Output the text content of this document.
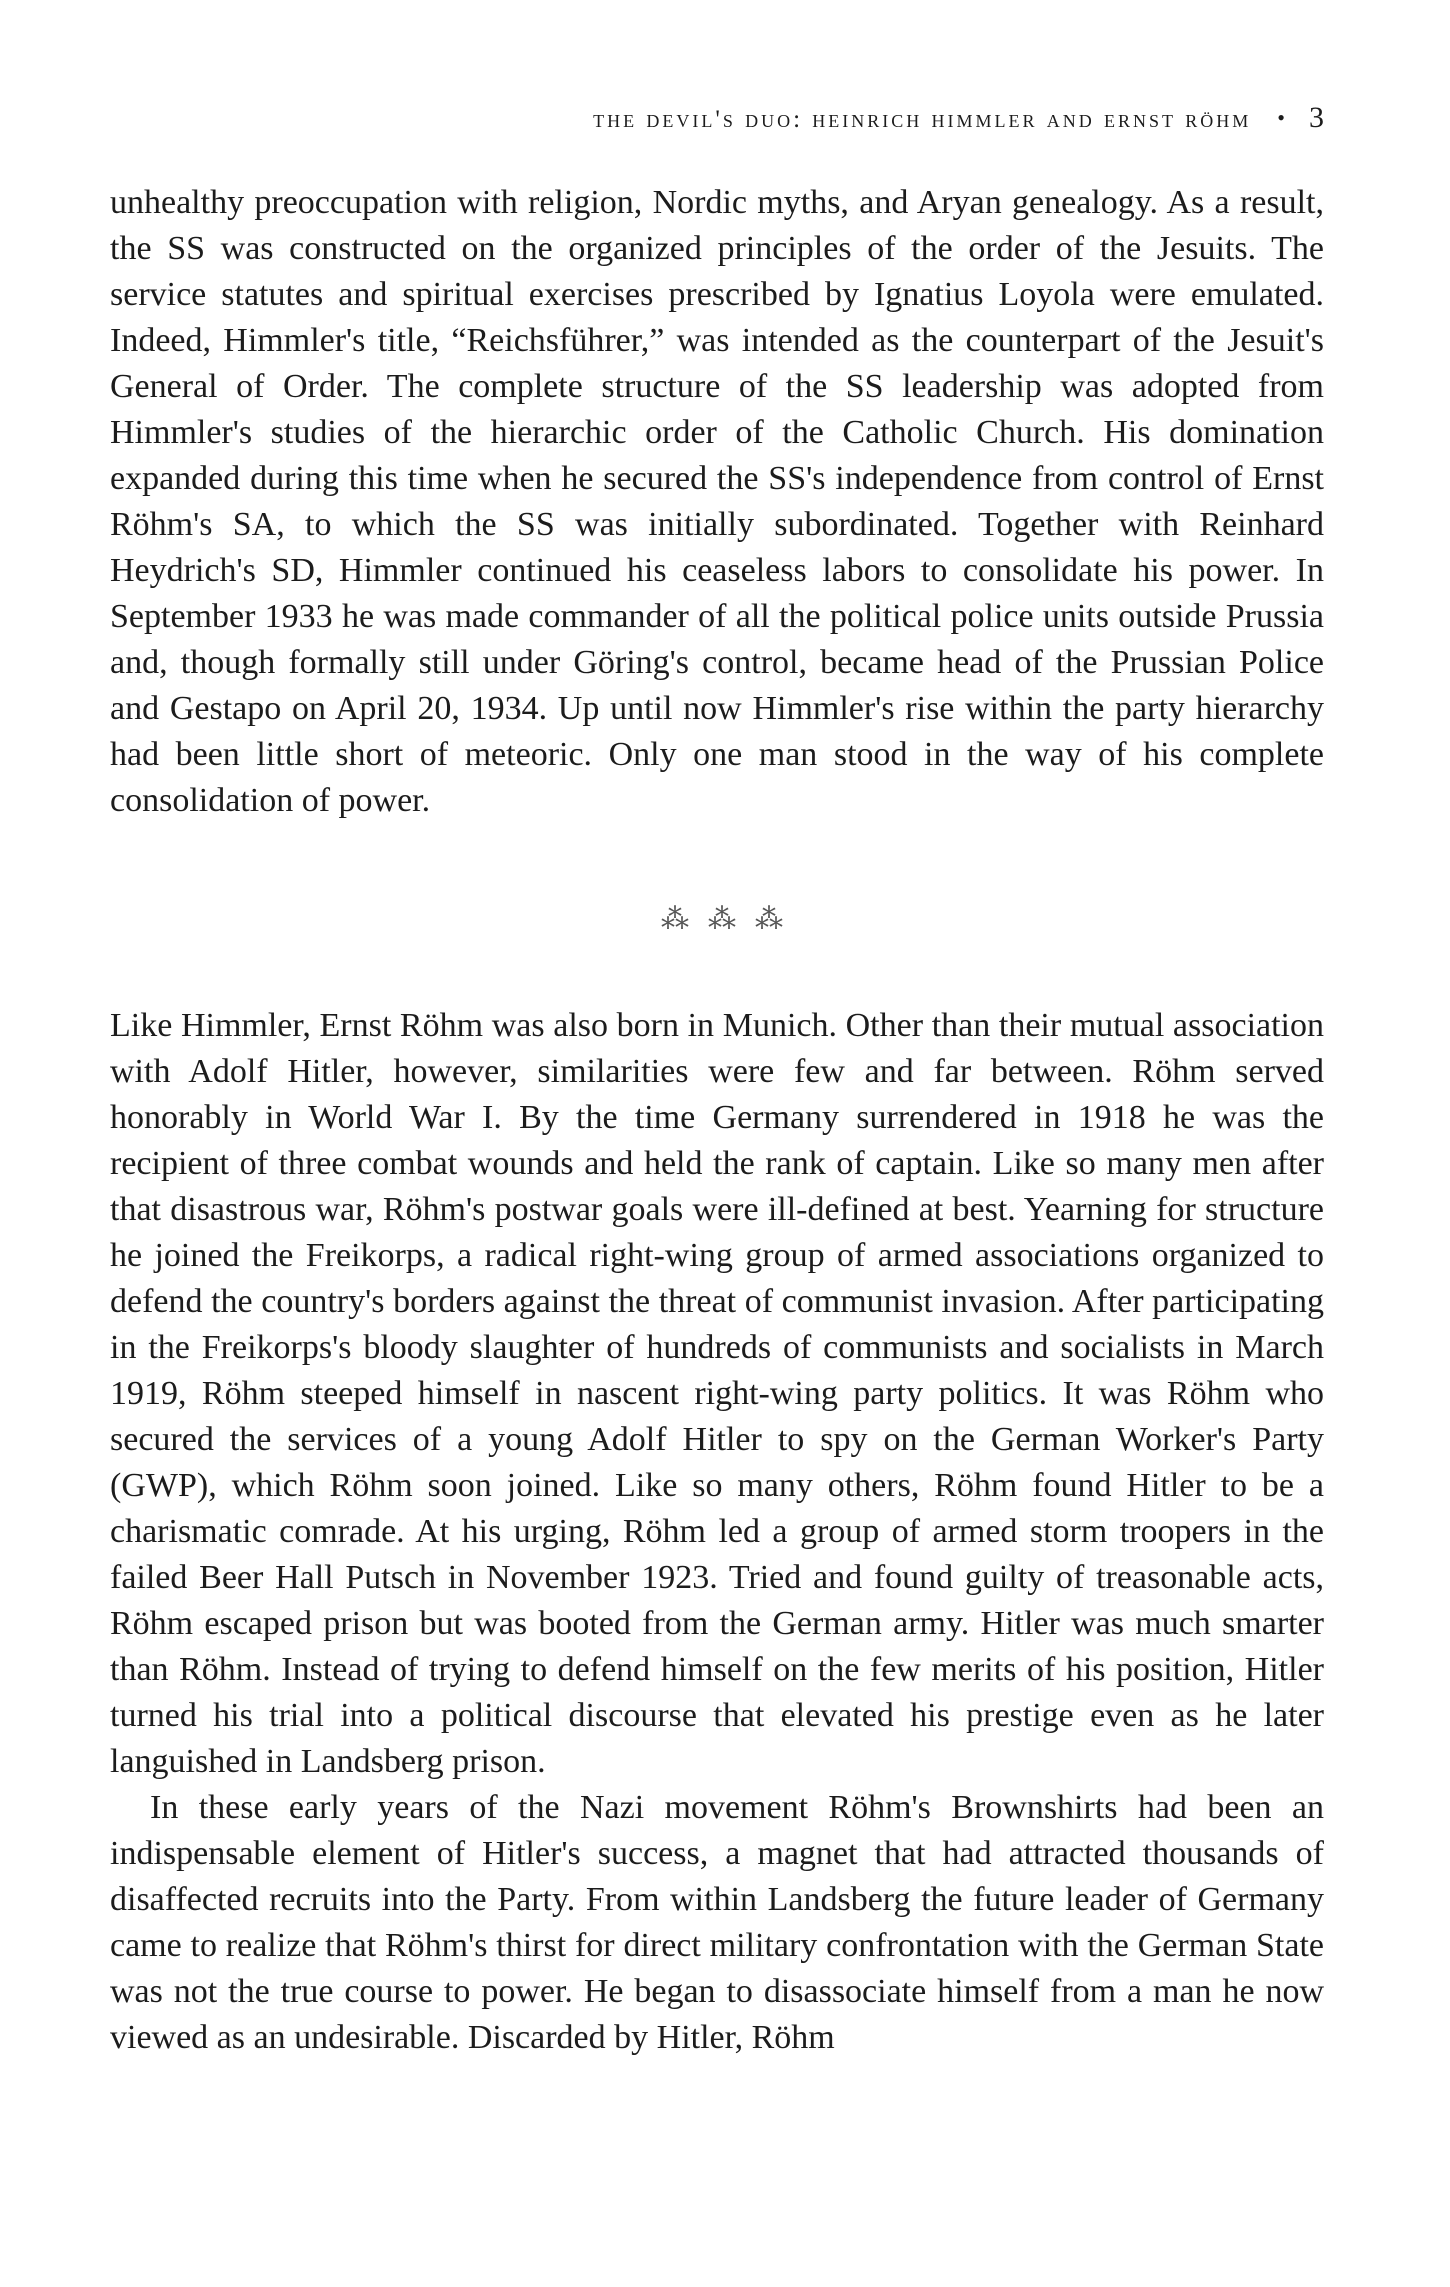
the devil's duo: heinrich himmler and ernst röhm • 3

unhealthy preoccupation with religion, Nordic myths, and Aryan genealogy. As a result, the SS was constructed on the organized principles of the order of the Jesuits. The service statutes and spiritual exercises prescribed by Ignatius Loyola were emulated. Indeed, Himmler's title, “Reichsführer,” was intended as the counterpart of the Jesuit's General of Order. The complete structure of the SS leadership was adopted from Himmler's studies of the hierarchic order of the Catholic Church. His domination expanded during this time when he secured the SS's independence from control of Ernst Röhm's SA, to which the SS was initially subordinated. Together with Reinhard Heydrich's SD, Himmler continued his ceaseless labors to consolidate his power. In September 1933 he was made commander of all the political police units outside Prussia and, though formally still under Göring's control, became head of the Prussian Police and Gestapo on April 20, 1934. Up until now Himmler's rise within the party hierarchy had been little short of meteoric. Only one man stood in the way of his complete consolidation of power.

⁂ ⁂ ⁂

Like Himmler, Ernst Röhm was also born in Munich. Other than their mutual association with Adolf Hitler, however, similarities were few and far between. Röhm served honorably in World War I. By the time Germany surrendered in 1918 he was the recipient of three combat wounds and held the rank of captain. Like so many men after that disastrous war, Röhm's postwar goals were ill-defined at best. Yearning for structure he joined the Freikorps, a radical right-wing group of armed associations organized to defend the country's borders against the threat of communist invasion. After participating in the Freikorps's bloody slaughter of hundreds of communists and socialists in March 1919, Röhm steeped himself in nascent right-wing party politics. It was Röhm who secured the services of a young Adolf Hitler to spy on the German Worker's Party (GWP), which Röhm soon joined. Like so many others, Röhm found Hitler to be a charismatic comrade. At his urging, Röhm led a group of armed storm troopers in the failed Beer Hall Putsch in November 1923. Tried and found guilty of treasonable acts, Röhm escaped prison but was booted from the German army. Hitler was much smarter than Röhm. Instead of trying to defend himself on the few merits of his position, Hitler turned his trial into a political discourse that elevated his prestige even as he later languished in Landsberg prison.

In these early years of the Nazi movement Röhm's Brownshirts had been an indispensable element of Hitler's success, a magnet that had attracted thousands of disaffected recruits into the Party. From within Landsberg the future leader of Germany came to realize that Röhm's thirst for direct military confrontation with the German State was not the true course to power. He began to disassociate himself from a man he now viewed as an undesirable. Discarded by Hitler, Röhm
